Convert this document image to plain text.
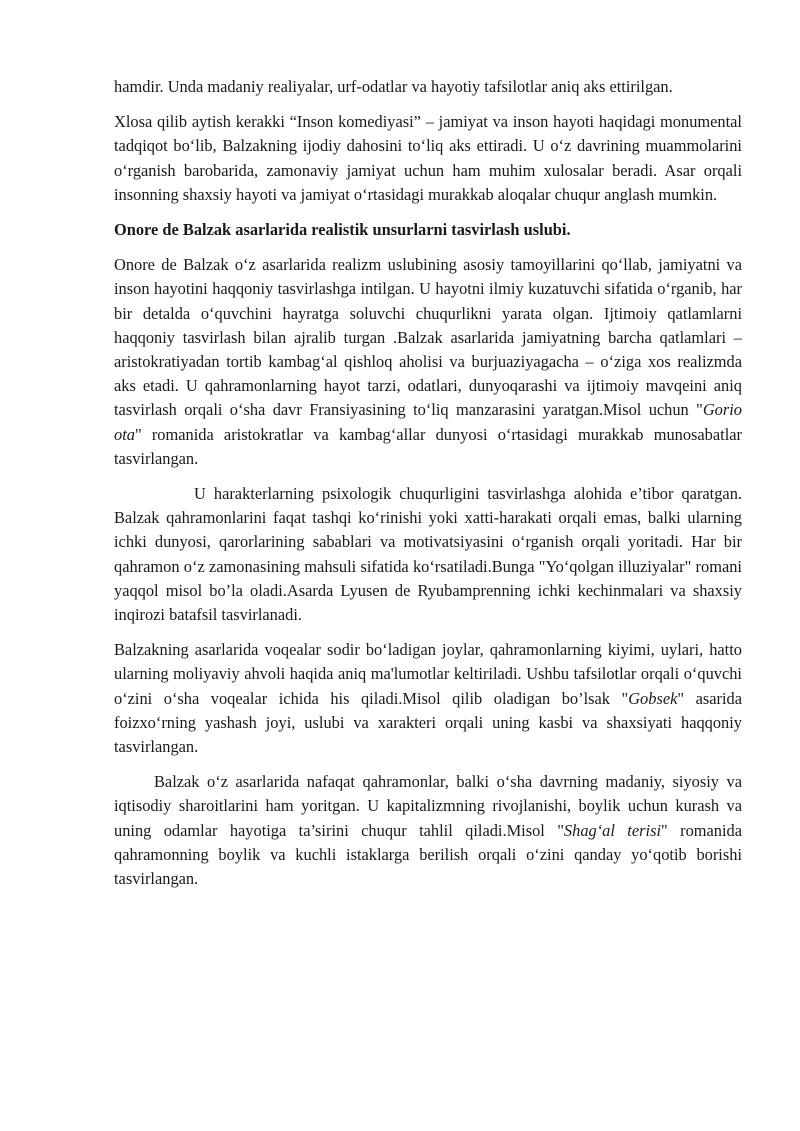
hamdir. Unda madaniy realiyalar, urf-odatlar va hayotiy tafsilotlar aniq aks ettirilgan.

Xlosa qilib aytish kerakki “Inson komediyasi” – jamiyat va inson hayoti haqidagi monumental tadqiqot boʻlib, Balzakning ijodiy dahosini toʻliq aks ettiradi. U oʻz davrining muammolarini oʻrganish barobarida, zamonaviy jamiyat uchun ham muhim xulosalar beradi. Asar orqali insonning shaxsiy hayoti va jamiyat oʻrtasidagi murakkab aloqalar chuqur anglash mumkin.

Onore de Balzak asarlarida realistik unsurlarni tasvirlash uslubi.

Onore de Balzak oʻz asarlarida realizm uslubining asosiy tamoyillarini qoʻllab, jamiyatni va inson hayotini haqqoniy tasvirlashga intilgan. U hayotni ilmiy kuzatuvchi sifatida oʻrganib, har bir detalda oʻquvchini hayratga soluvchi chuqurlikni yarata olgan. Ijtimoiy qatlamlarni haqqoniy tasvirlash bilan ajralib turgan .Balzak asarlarida jamiyatning barcha qatlamlari – aristokratiyadan tortib kambagʻal qishloq aholisi va burjuaziyagacha – oʻziga xos realizmda aks etadi. U qahramonlarning hayot tarzi, odatlari, dunyoqarashi va ijtimoiy mavqeini aniq tasvirlash orqali oʻsha davr Fransiyasining toʻliq manzarasini yaratgan.Misol uchun "Gorio ota" romanida aristokratlar va kambagʻallar dunyosi oʻrtasidagi murakkab munosabatlar tasvirlangan.

U harakterlarning psixologik chuqurligini tasvirlashga alohida e’tibor qaratgan. Balzak qahramonlarini faqat tashqi koʻrinishi yoki xatti-harakati orqali emas, balki ularning ichki dunyosi, qarorlarining sabablari va motivatsiyasini oʻrganish orqali yoritadi. Har bir qahramon oʻz zamonasining mahsuli sifatida koʻrsatiladi.Bunga "Yoʻqolgan illuziyalar" romani yaqqol misol bo’la oladi.Asarda Lyusen de Ryubamprenning ichki kechinmalari va shaxsiy inqirozi batafsil tasvirlanadi.

Balzakning asarlarida voqealar sodir boʻladigan joylar, qahramonlarning kiyimi, uylari, hatto ularning moliyaviy ahvoli haqida aniq ma'lumotlar keltiriladi. Ushbu tafsilotlar orqali oʻquvchi oʻzini oʻsha voqealar ichida his qiladi.Misol qilib oladigan bo’lsak "Gobsek" asarida foizxoʻrning yashash joyi, uslubi va xarakteri orqali uning kasbi va shaxsiyati haqqoniy tasvirlangan.

Balzak oʻz asarlarida nafaqat qahramonlar, balki oʻsha davrning madaniy, siyosiy va iqtisodiy sharoitlarini ham yoritgan. U kapitalizmning rivojlanishi, boylik uchun kurash va uning odamlar hayotiga ta’sirini chuqur tahlil qiladi.Misol "Shagʻal terisi" romanida qahramonning boylik va kuchli istaklarga berilish orqali oʻzini qanday yoʻqotib borishi tasvirlangan.
